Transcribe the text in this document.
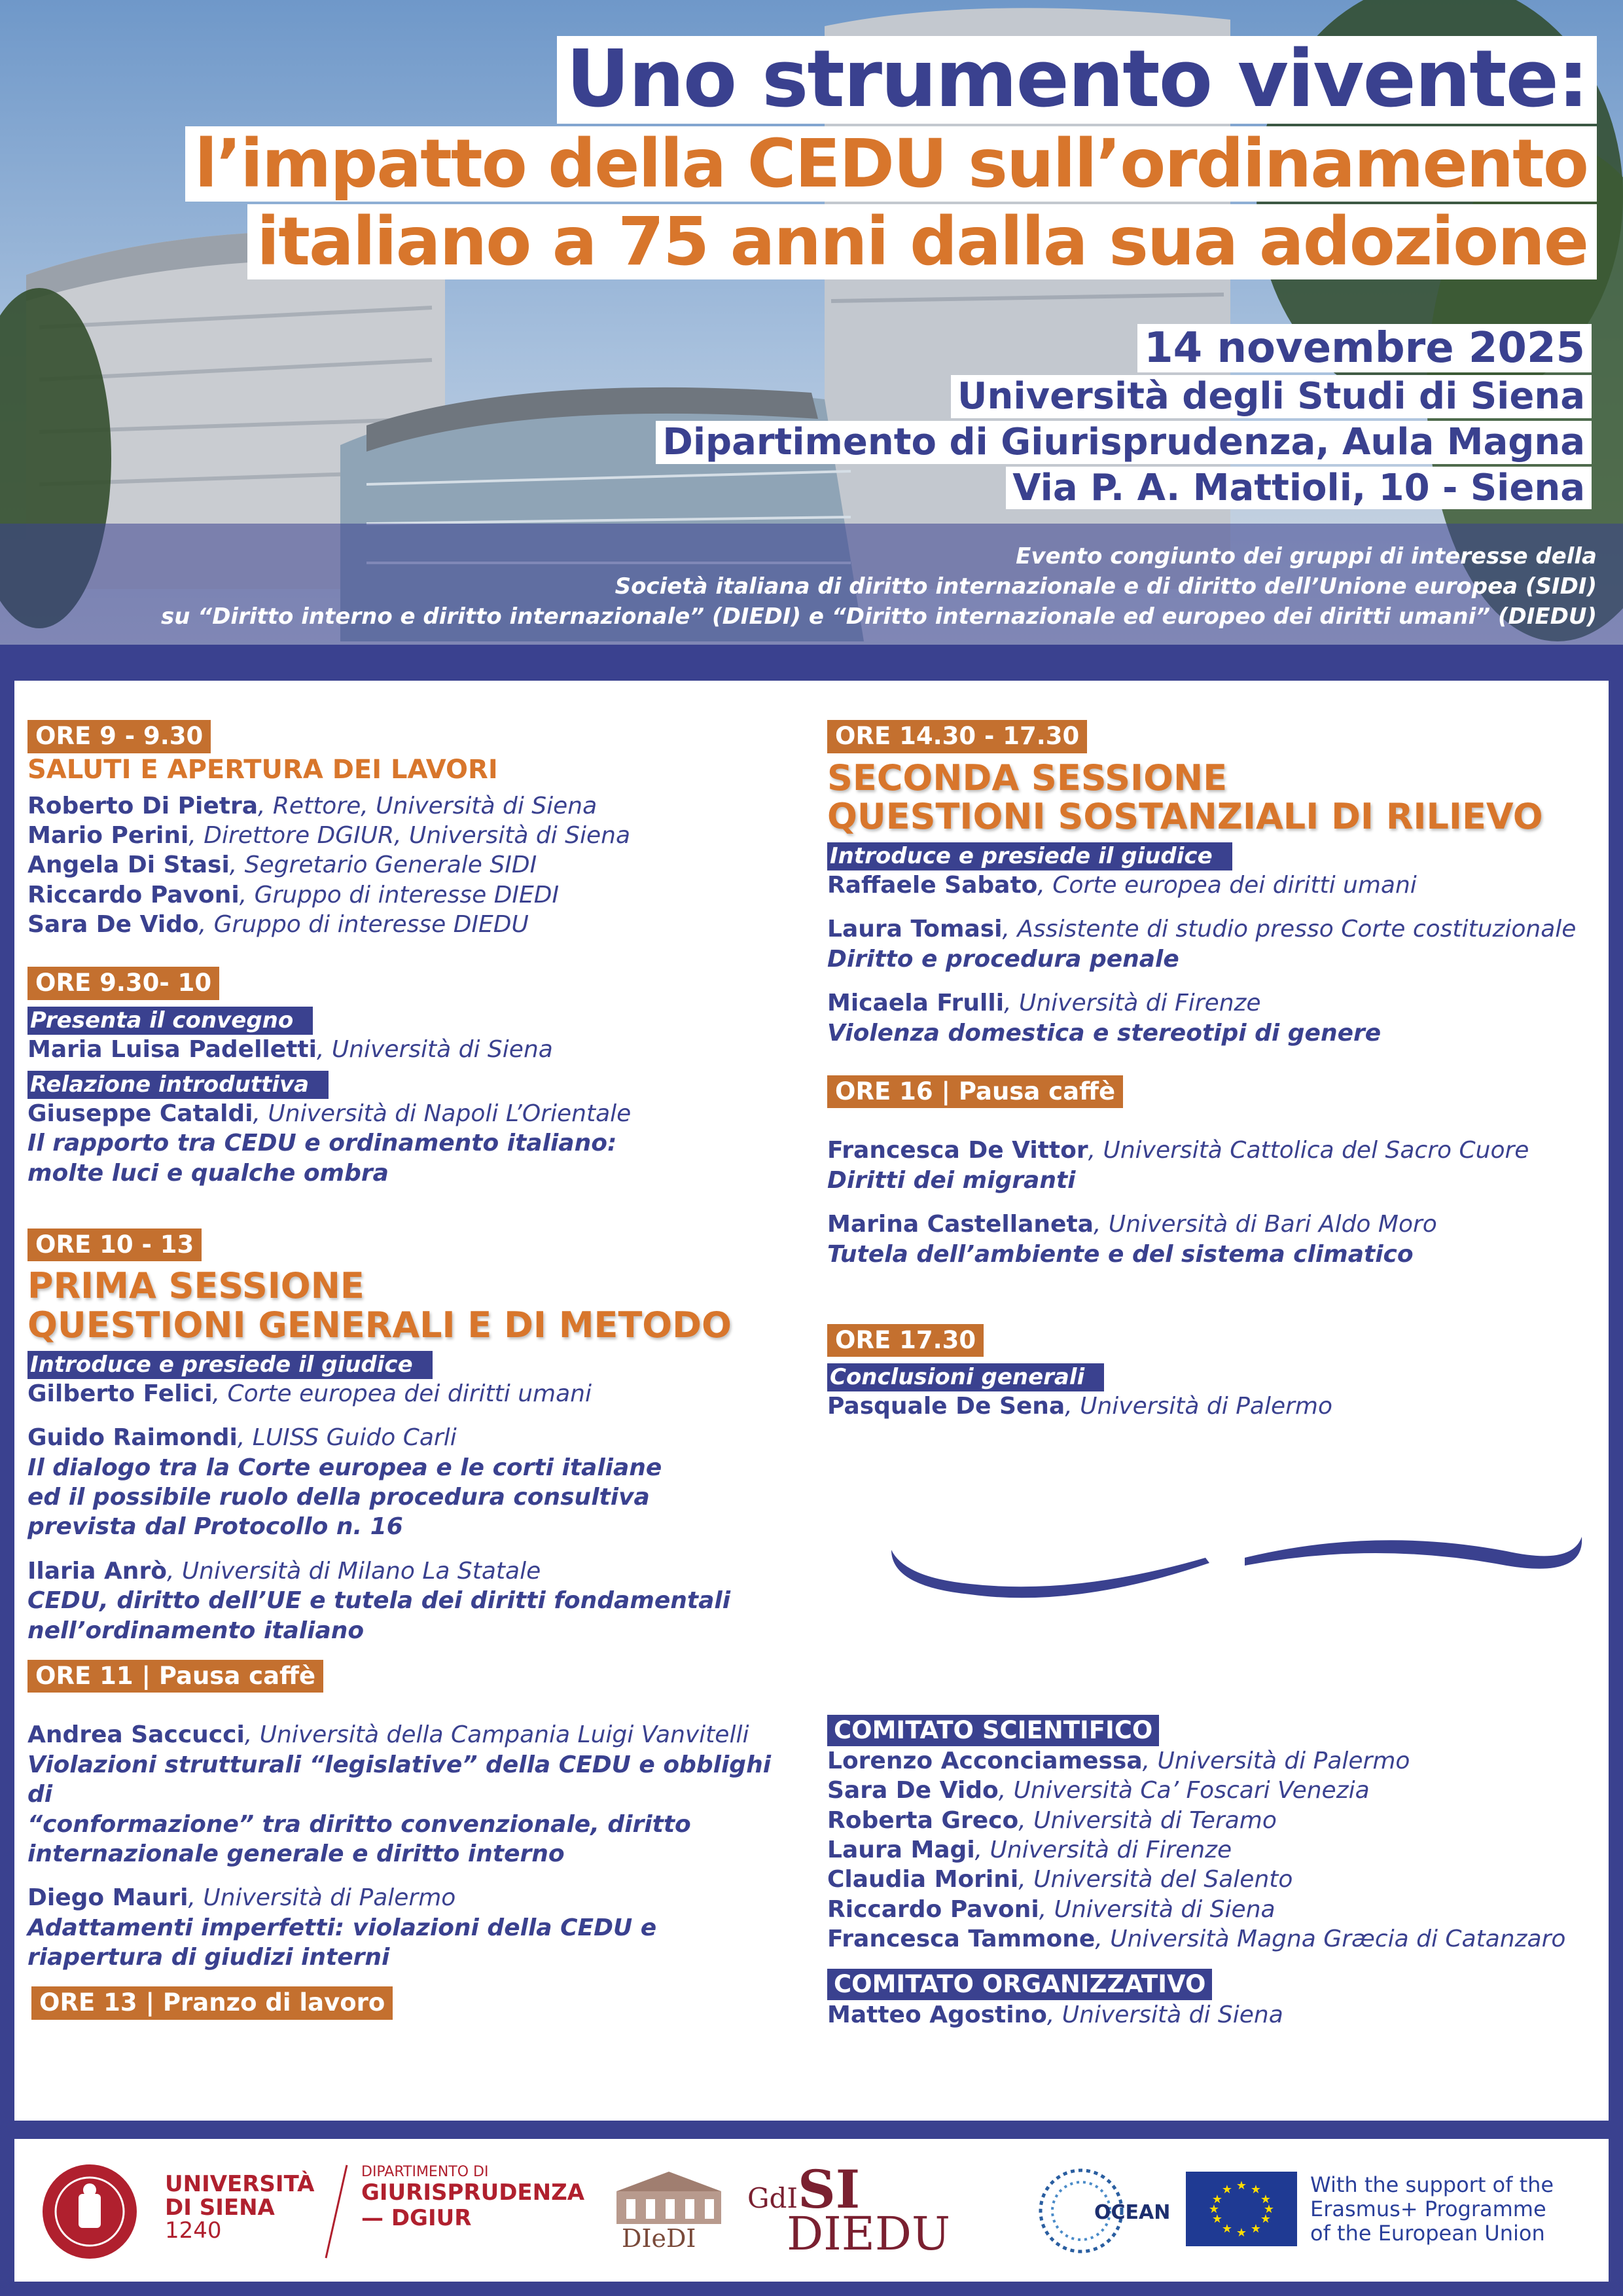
Uno strumento vivente:
l’impatto della CEDU sull’ordinamento
italiano a 75 anni dalla sua adozione
14 novembre 2025
Università degli Studi di Siena
Dipartimento di Giurisprudenza, Aula Magna
Via P. A. Mattioli, 10 - Siena
Evento congiunto dei gruppi di interesse della
Società italiana di diritto internazionale e di diritto dell’Unione europea (SIDI)
su “Diritto interno e diritto internazionale” (DIEDI) e “Diritto internazionale ed europeo dei diritti umani” (DIEDU)
ORE 9 - 9.30
SALUTI E APERTURA DEI LAVORI
Roberto Di Pietra, Rettore, Università di Siena
Mario Perini, Direttore DGIUR, Università di Siena
Angela Di Stasi, Segretario Generale SIDI
Riccardo Pavoni, Gruppo di interesse DIEDI
Sara De Vido, Gruppo di interesse DIEDU
ORE 9.30- 10
Presenta il convegno
Maria Luisa Padelletti, Università di Siena
Relazione introduttiva
Giuseppe Cataldi, Università di Napoli L’Orientale
Il rapporto tra CEDU e ordinamento italiano:
molte luci e qualche ombra
ORE 10 - 13
PRIMA SESSIONE
QUESTIONI GENERALI E DI METODO
Introduce e presiede il giudice
Gilberto Felici, Corte europea dei diritti umani
Guido Raimondi, LUISS Guido Carli
Il dialogo tra la Corte europea e le corti italiane
ed il possibile ruolo della procedura consultiva
prevista dal Protocollo n. 16
Ilaria Anrò, Università di Milano La Statale
CEDU, diritto dell’UE e tutela dei diritti fondamentali
nell’ordinamento italiano
ORE 11 | Pausa caffè
Andrea Saccucci, Università della Campania Luigi Vanvitelli
Violazioni strutturali “legislative” della CEDU e obblighi di
“conformazione” tra diritto convenzionale, diritto
internazionale generale e diritto interno
Diego Mauri, Università di Palermo
Adattamenti imperfetti: violazioni della CEDU e
riapertura di giudizi interni
ORE 13 | Pranzo di lavoro
ORE 14.30 - 17.30
SECONDA SESSIONE
QUESTIONI SOSTANZIALI DI RILIEVO
Introduce e presiede il giudice
Raffaele Sabato, Corte europea dei diritti umani
Laura Tomasi, Assistente di studio presso Corte costituzionale
Diritto e procedura penale
Micaela Frulli, Università di Firenze
Violenza domestica e stereotipi di genere
ORE 16 | Pausa caffè
Francesca De Vittor, Università Cattolica del Sacro Cuore
Diritti dei migranti
Marina Castellaneta, Università di Bari Aldo Moro
Tutela dell’ambiente e del sistema climatico
ORE 17.30
Conclusioni generali
Pasquale De Sena, Università di Palermo
COMITATO SCIENTIFICO
Lorenzo Acconciamessa, Università di Palermo
Sara De Vido, Università Ca’ Foscari Venezia
Roberta Greco, Università di Teramo
Laura Magi, Università di Firenze
Claudia Morini, Università del Salento
Riccardo Pavoni, Università di Siena
Francesca Tammone, Università Magna Græcia di Catanzaro
COMITATO ORGANIZZATIVO
Matteo Agostino, Università di Siena
UNIVERSITÀ
DI SIENA
1240
DIPARTIMENTO DI
GIURISPRUDENZA
— DGIUR
DIeDI
GdISI
DIEDU	OCEAN
★ ★
★
★
★
★
★
★
★
★
★
★	With the support of the
Erasmus+ Programme
of the European Union
